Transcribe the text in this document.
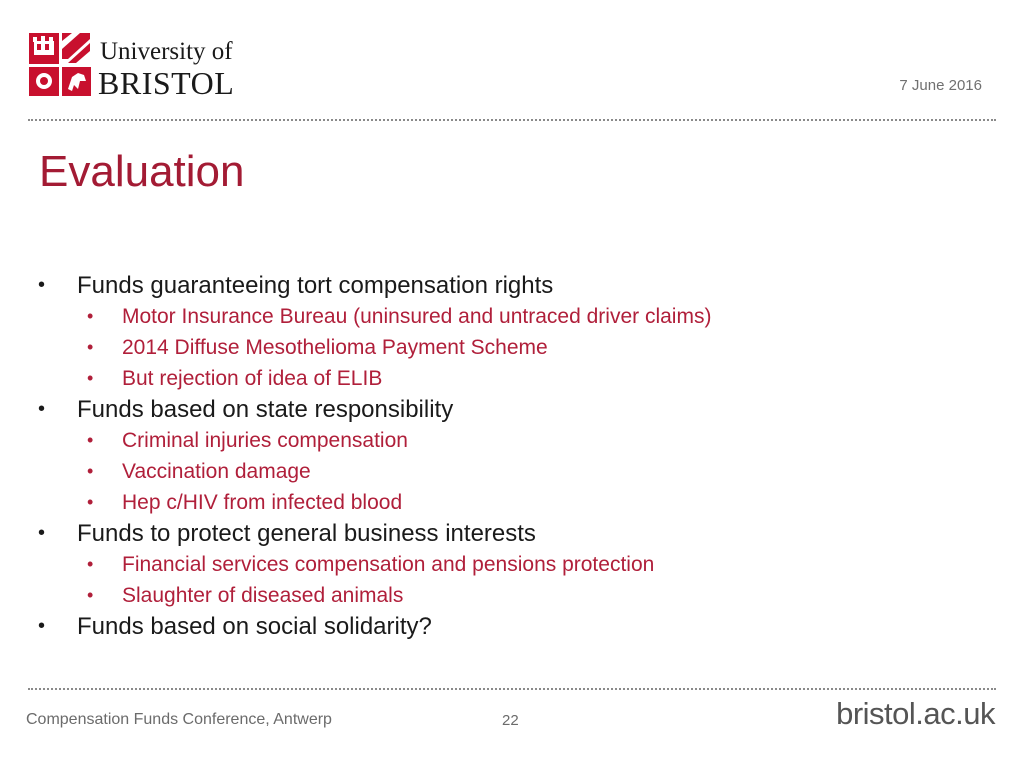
University of
BRISTOL	7 June 2016
Evaluation
• Funds guaranteeing tort compensation rights
• Motor Insurance Bureau (uninsured and untraced driver claims)
• 2014 Diffuse Mesothelioma Payment Scheme
• But rejection of idea of ELIB
• Funds based on state responsibility
• Criminal injuries compensation
• Vaccination damage
• Hep c/HIV from infected blood
• Funds to protect general business interests
• Financial services compensation and pensions protection
• Slaughter of diseased animals
• Funds based on social solidarity?
Compensation Funds Conference, Antwerp	22	bristol.ac.uk
